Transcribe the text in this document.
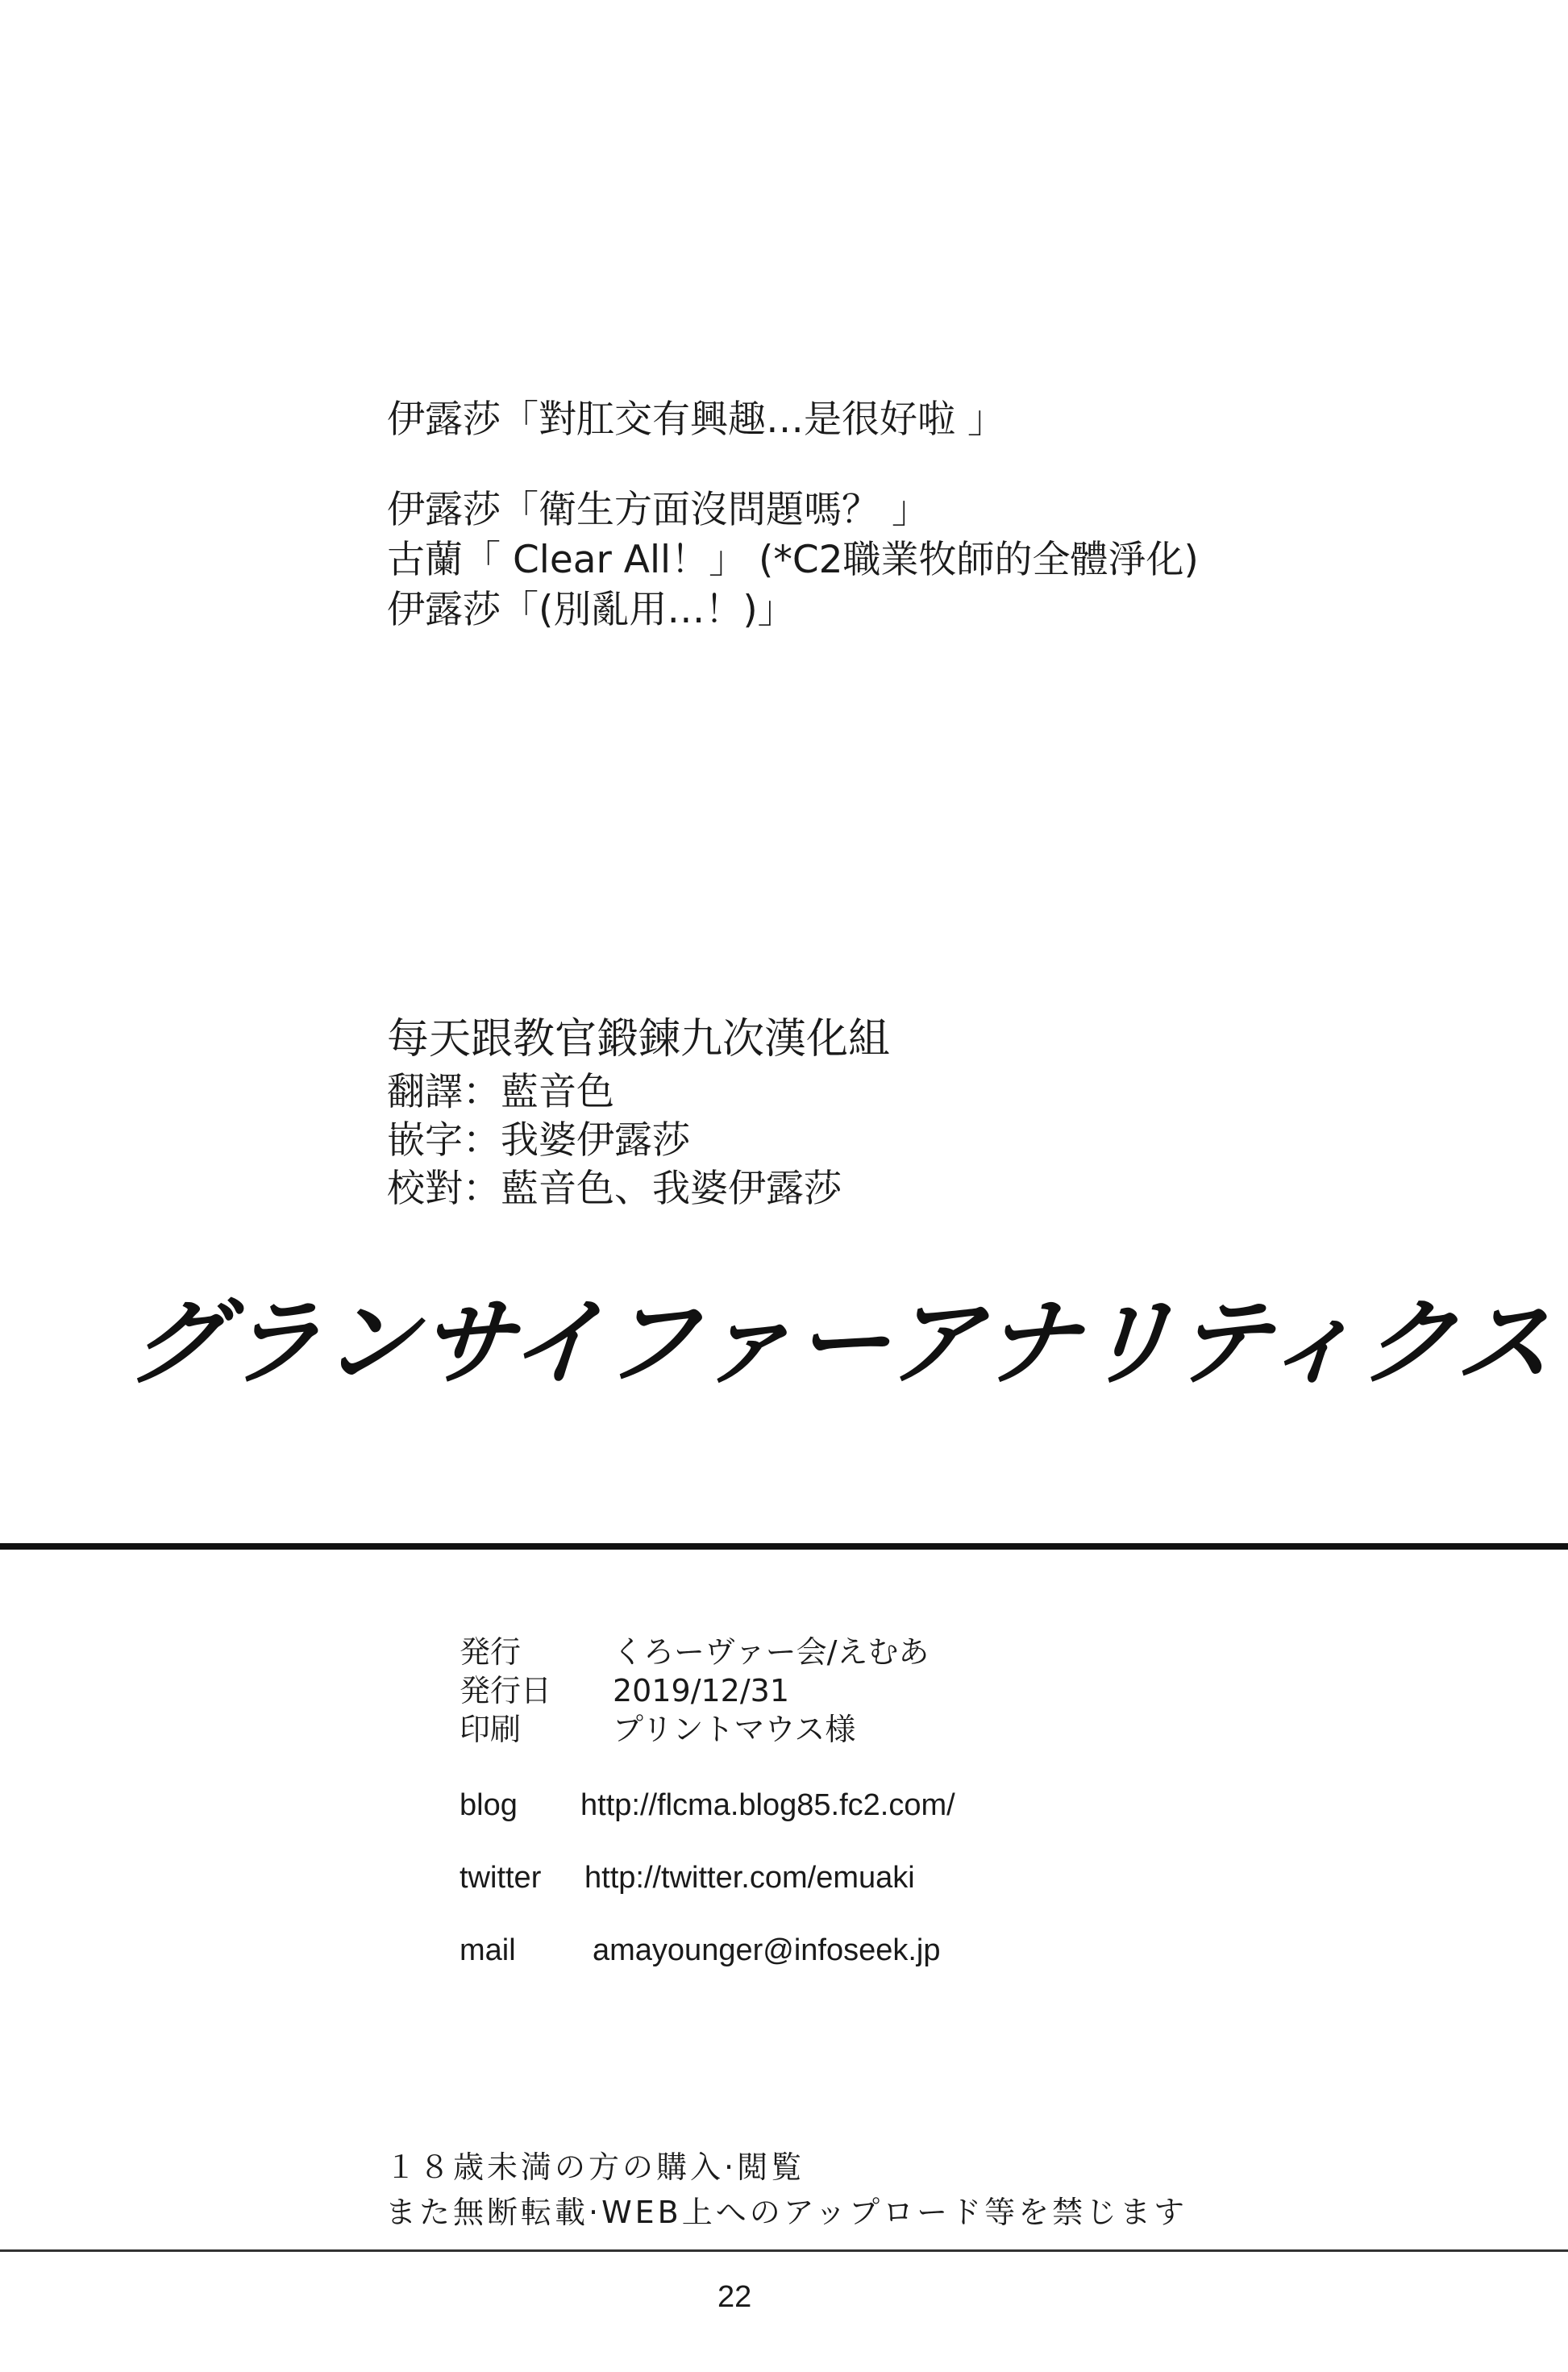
伊露莎「對肛交有興趣…是很好啦 」
伊露莎「衛生方面沒問題嗎？ 」
古蘭「 Clear All！」 (*C2職業牧師的全體淨化)
伊露莎「(別亂用…！)」
每天跟教官鍛鍊九次漢化組
翻譯：藍音色
嵌字：我婆伊露莎
校對：藍音色、我婆伊露莎
グランサイファーアナリティクス
発行	くろーヴァー会/えむあ
発行日	2019/12/31
印刷	プリントマウス様
blog	http://flcma.blog85.fc2.com/
twitter	http://twitter.com/emuaki
mail	amayounger@infoseek.jp
１８歳未満の方の購入·閲覧
また無断転載·WEB上へのアップロード等を禁じます
22
